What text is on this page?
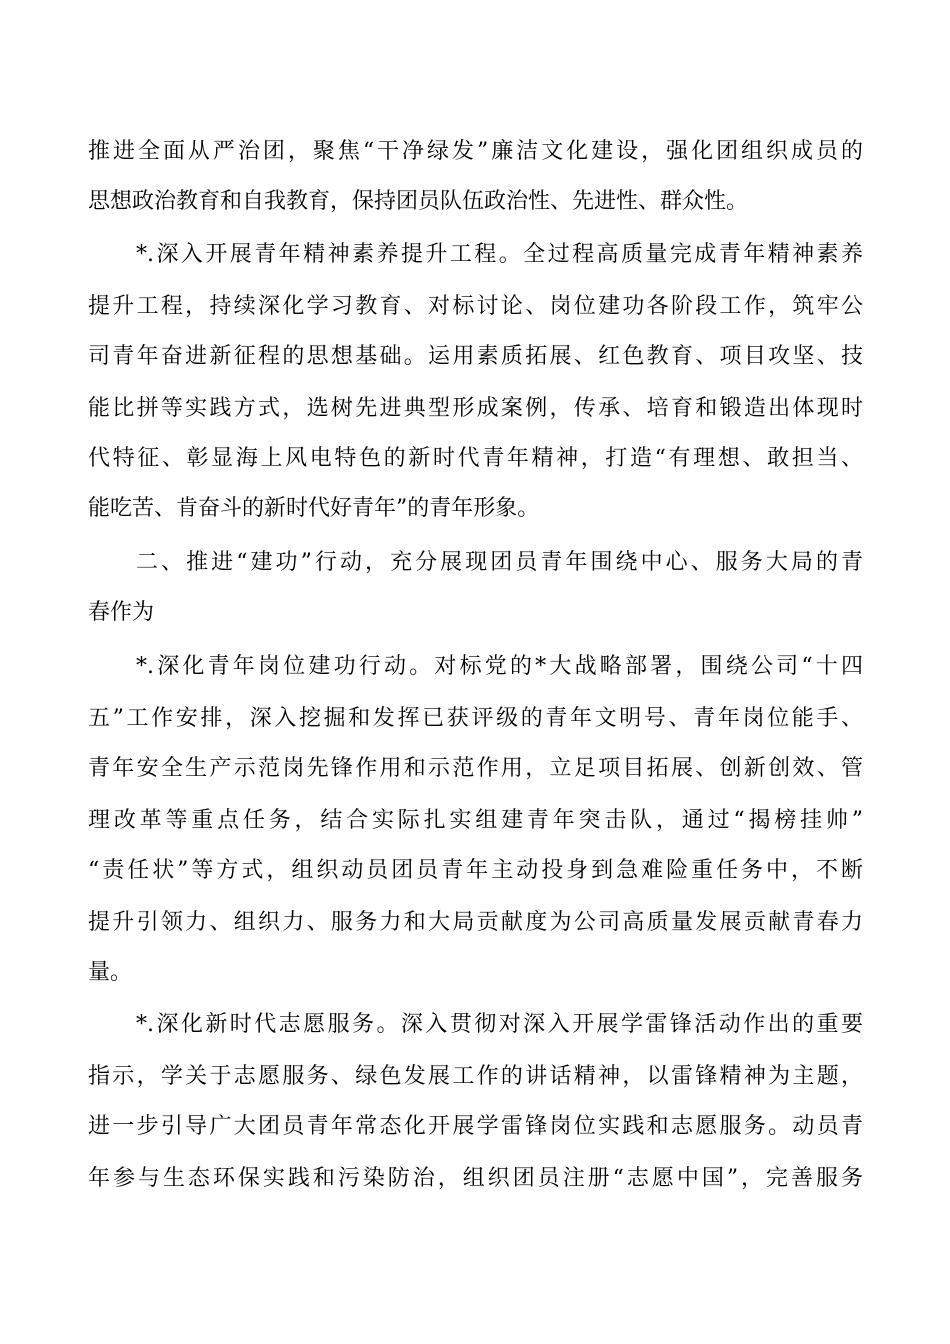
推进全面从严治团，聚焦“干净绿发”廉洁文化建设，强化团组织成员的
思想政治教育和自我教育，保持团员队伍政治性、先进性、群众性。
*.深入开展青年精神素养提升工程。全过程高质量完成青年精神素养
提升工程，持续深化学习教育、对标讨论、岗位建功各阶段工作，筑牢公
司青年奋进新征程的思想基础。运用素质拓展、红色教育、项目攻坚、技
能比拼等实践方式，选树先进典型形成案例，传承、培育和锻造出体现时
代特征、彰显海上风电特色的新时代青年精神，打造“有理想、敢担当、
能吃苦、肯奋斗的新时代好青年”的青年形象。
二、推进“建功”行动，充分展现团员青年围绕中心、服务大局的青
春作为
*.深化青年岗位建功行动。对标党的*大战略部署，围绕公司“十四
五”工作安排，深入挖掘和发挥已获评级的青年文明号、青年岗位能手、
青年安全生产示范岗先锋作用和示范作用，立足项目拓展、创新创效、管
理改革等重点任务，结合实际扎实组建青年突击队，通过“揭榜挂帅”
“责任状”等方式，组织动员团员青年主动投身到急难险重任务中，不断
提升引领力、组织力、服务力和大局贡献度为公司高质量发展贡献青春力
量。
*.深化新时代志愿服务。深入贯彻对深入开展学雷锋活动作出的重要
指示，学关于志愿服务、绿色发展工作的讲话精神，以雷锋精神为主题，
进一步引导广大团员青年常态化开展学雷锋岗位实践和志愿服务。动员青
年参与生态环保实践和污染防治，组织团员注册“志愿中国”，完善服务
